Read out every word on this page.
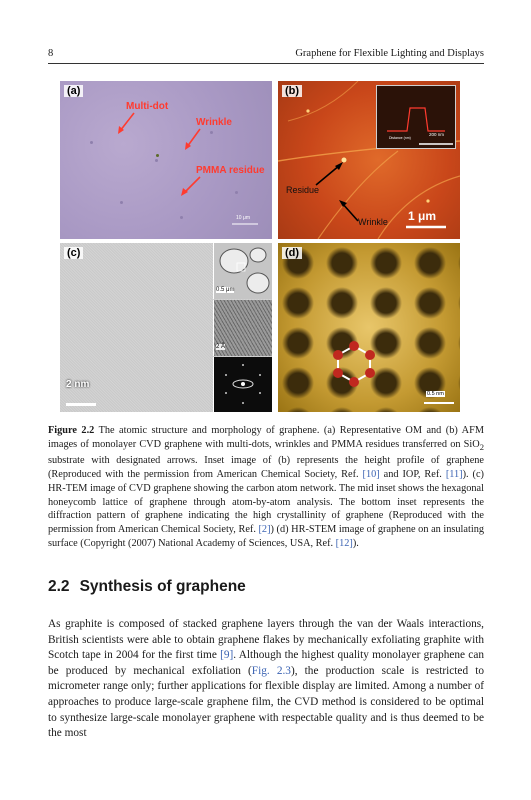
8	Graphene for Flexible Lighting and Displays
(a)
Multi-dot
Wrinkle
PMMA residue
10 μm
(b)
200 nm
Distance (nm)
Residue
Wrinkle 1 μm
(c)
0.5 μm
2 Å
2 nm
(d)
0.5 nm
Figure 2.2 The atomic structure and morphology of graphene. (a) Representative OM and (b) AFM images of monolayer CVD graphene with multi-dots, wrinkles and PMMA residues transferred on SiO$_2$ substrate with designated arrows. Inset image of (b) represents the height profile of graphene (Reproduced with the permission from American Chemical Society, Ref. [10] and IOP, Ref. [11]). (c) HR-TEM image of CVD graphene showing the carbon atom network. The mid inset shows the hexagonal honeycomb lattice of graphene through atom-by-atom analysis. The bottom inset represents the diffraction pattern of graphene indicating the high crystallinity of graphene (Reproduced with the permission from American Chemical Society, Ref. [2]) (d) HR-STEM image of graphene on an insulating surface (Copyright (2007) National Academy of Sciences, USA, Ref. [12]).
2.2 Synthesis of graphene
As graphite is composed of stacked graphene layers through the van der Waals interactions, British scientists were able to obtain graphene flakes by mechanically exfoliating graphite with Scotch tape in 2004 for the first time [9]. Although the highest quality monolayer graphene can be produced by mechanical exfoliation (Fig. 2.3), the production scale is restricted to micrometer range only; further applications for flexible display are limited. Among a number of approaches to produce large-scale graphene film, the CVD method is considered to be optimal to synthesize large-scale monolayer graphene with respectable quality and is thus deemed to be the most
